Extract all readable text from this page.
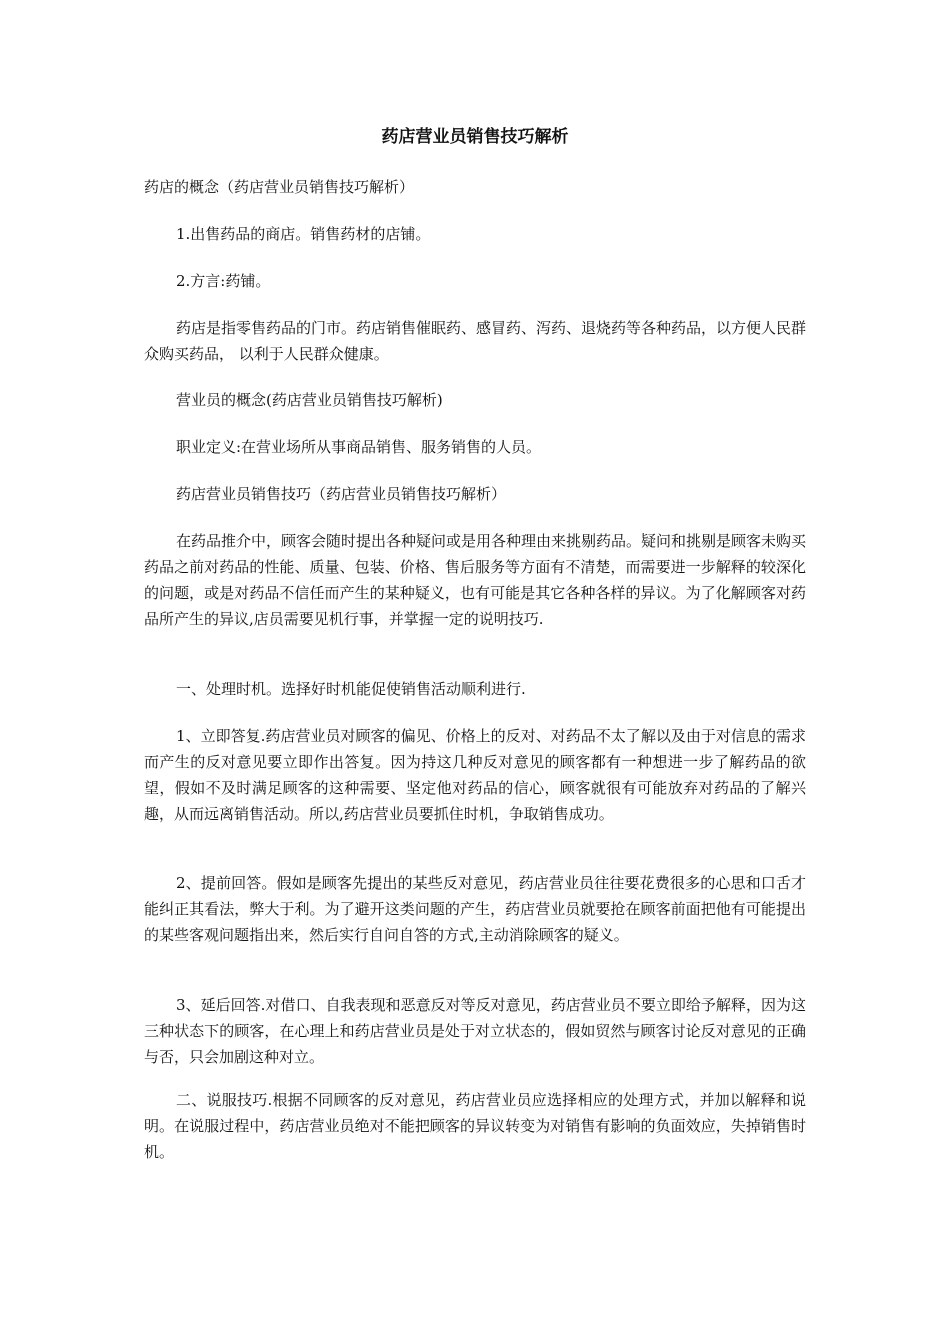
药店营业员销售技巧解析

药店的概念（药店营业员销售技巧解析）

1.出售药品的商店。销售药材的店铺。

2.方言:药铺。

药店是指零售药品的门市。药店销售催眠药、感冒药、泻药、退烧药等各种药品，以方便人民群众购买药品， 以利于人民群众健康。

营业员的概念(药店营业员销售技巧解析)

职业定义:在营业场所从事商品销售、服务销售的人员。

药店营业员销售技巧（药店营业员销售技巧解析）

在药品推介中，顾客会随时提出各种疑问或是用各种理由来挑剔药品。疑问和挑剔是顾客未购买药品之前对药品的性能、质量、包装、价格、售后服务等方面有不清楚，而需要进一步解释的较深化的问题，或是对药品不信任而产生的某种疑义，也有可能是其它各种各样的异议。为了化解顾客对药品所产生的异议,店员需要见机行事，并掌握一定的说明技巧.

一、处理时机。选择好时机能促使销售活动顺利进行.

1、立即答复.药店营业员对顾客的偏见、价格上的反对、对药品不太了解以及由于对信息的需求而产生的反对意见要立即作出答复。因为持这几种反对意见的顾客都有一种想进一步了解药品的欲望，假如不及时满足顾客的这种需要、坚定他对药品的信心，顾客就很有可能放弃对药品的了解兴趣，从而远离销售活动。所以,药店营业员要抓住时机，争取销售成功。

2、提前回答。假如是顾客先提出的某些反对意见，药店营业员往往要花费很多的心思和口舌才能纠正其看法，弊大于利。为了避开这类问题的产生，药店营业员就要抢在顾客前面把他有可能提出的某些客观问题指出来，然后实行自问自答的方式,主动消除顾客的疑义。

3、延后回答.对借口、自我表现和恶意反对等反对意见，药店营业员不要立即给予解释，因为这三种状态下的顾客，在心理上和药店营业员是处于对立状态的，假如贸然与顾客讨论反对意见的正确与否，只会加剧这种对立。

二、说服技巧.根据不同顾客的反对意见，药店营业员应选择相应的处理方式，并加以解释和说明。在说服过程中，药店营业员绝对不能把顾客的异议转变为对销售有影响的负面效应，失掉销售时机。
